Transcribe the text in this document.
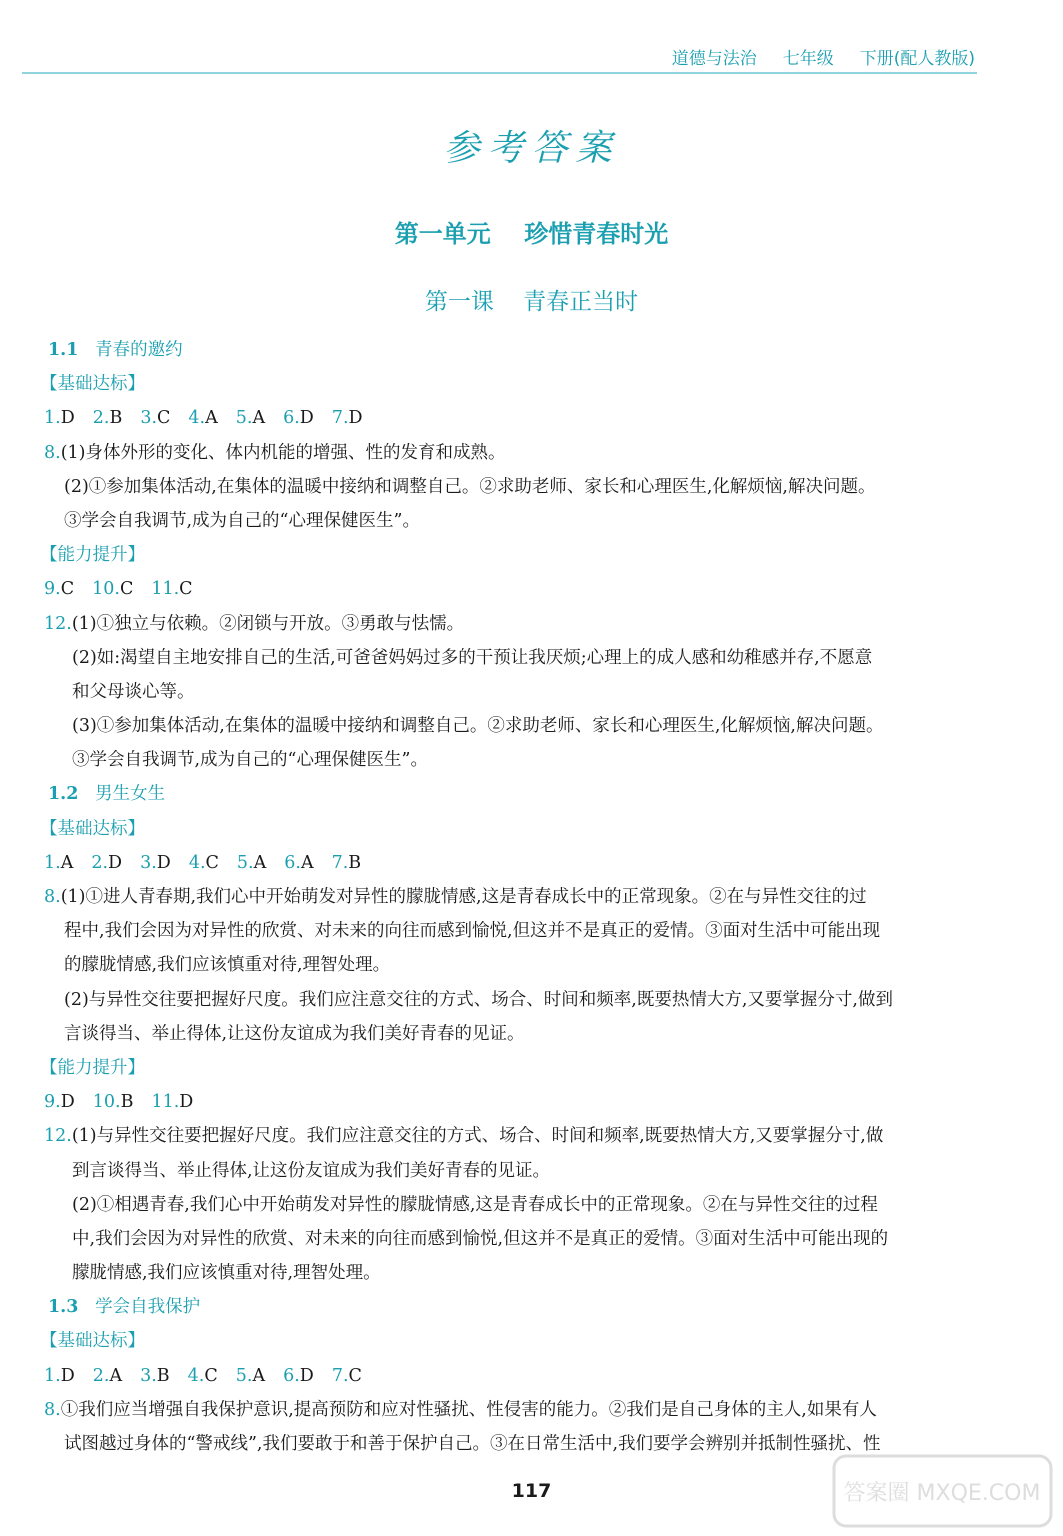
道德与法治 七年级 下册(配人教版)
参考答案
第一单元    珍惜青春时光
第一课    青春正当时
1.1 青春的邀约
【基础达标】
1.D 2.B 3.C 4.A 5.A 6.D 7.D
8.(1)身体外形的变化、体内机能的增强、性的发育和成熟。
(2)①参加集体活动,在集体的温暖中接纳和调整自己。②求助老师、家长和心理医生,化解烦恼,解决问题。
③学会自我调节,成为自己的“心理保健医生”。
【能力提升】
9.C 10.C 11.C
12.(1)①独立与依赖。②闭锁与开放。③勇敢与怯懦。
(2)如:渴望自主地安排自己的生活,可爸爸妈妈过多的干预让我厌烦;心理上的成人感和幼稚感并存,不愿意
和父母谈心等。
(3)①参加集体活动,在集体的温暖中接纳和调整自己。②求助老师、家长和心理医生,化解烦恼,解决问题。
③学会自我调节,成为自己的“心理保健医生”。
1.2 男生女生
【基础达标】
1.A 2.D 3.D 4.C 5.A 6.A 7.B
8.(1)①进人青春期,我们心中开始萌发对异性的朦胧情感,这是青春成长中的正常现象。②在与异性交往的过
程中,我们会因为对异性的欣赏、对未来的向往而感到愉悦,但这并不是真正的爱情。③面对生活中可能出现
的朦胧情感,我们应该慎重对待,理智处理。
(2)与异性交往要把握好尺度。我们应注意交往的方式、场合、时间和频率,既要热情大方,又要掌握分寸,做到
言谈得当、举止得体,让这份友谊成为我们美好青春的见证。
【能力提升】
9.D 10.B 11.D
12.(1)与异性交往要把握好尺度。我们应注意交往的方式、场合、时间和频率,既要热情大方,又要掌握分寸,做
到言谈得当、举止得体,让这份友谊成为我们美好青春的见证。
(2)①相遇青春,我们心中开始萌发对异性的朦胧情感,这是青春成长中的正常现象。②在与异性交往的过程
中,我们会因为对异性的欣赏、对未来的向往而感到愉悦,但这并不是真正的爱情。③面对生活中可能出现的
朦胧情感,我们应该慎重对待,理智处理。
1.3 学会自我保护
【基础达标】
1.D 2.A 3.B 4.C 5.A 6.D 7.C
8.①我们应当增强自我保护意识,提高预防和应对性骚扰、性侵害的能力。②我们是自己身体的主人,如果有人
试图越过身体的“警戒线”,我们要敢于和善于保护自己。③在日常生活中,我们要学会辨别并抵制性骚扰、性
117	答案圈 MXQE.COM
